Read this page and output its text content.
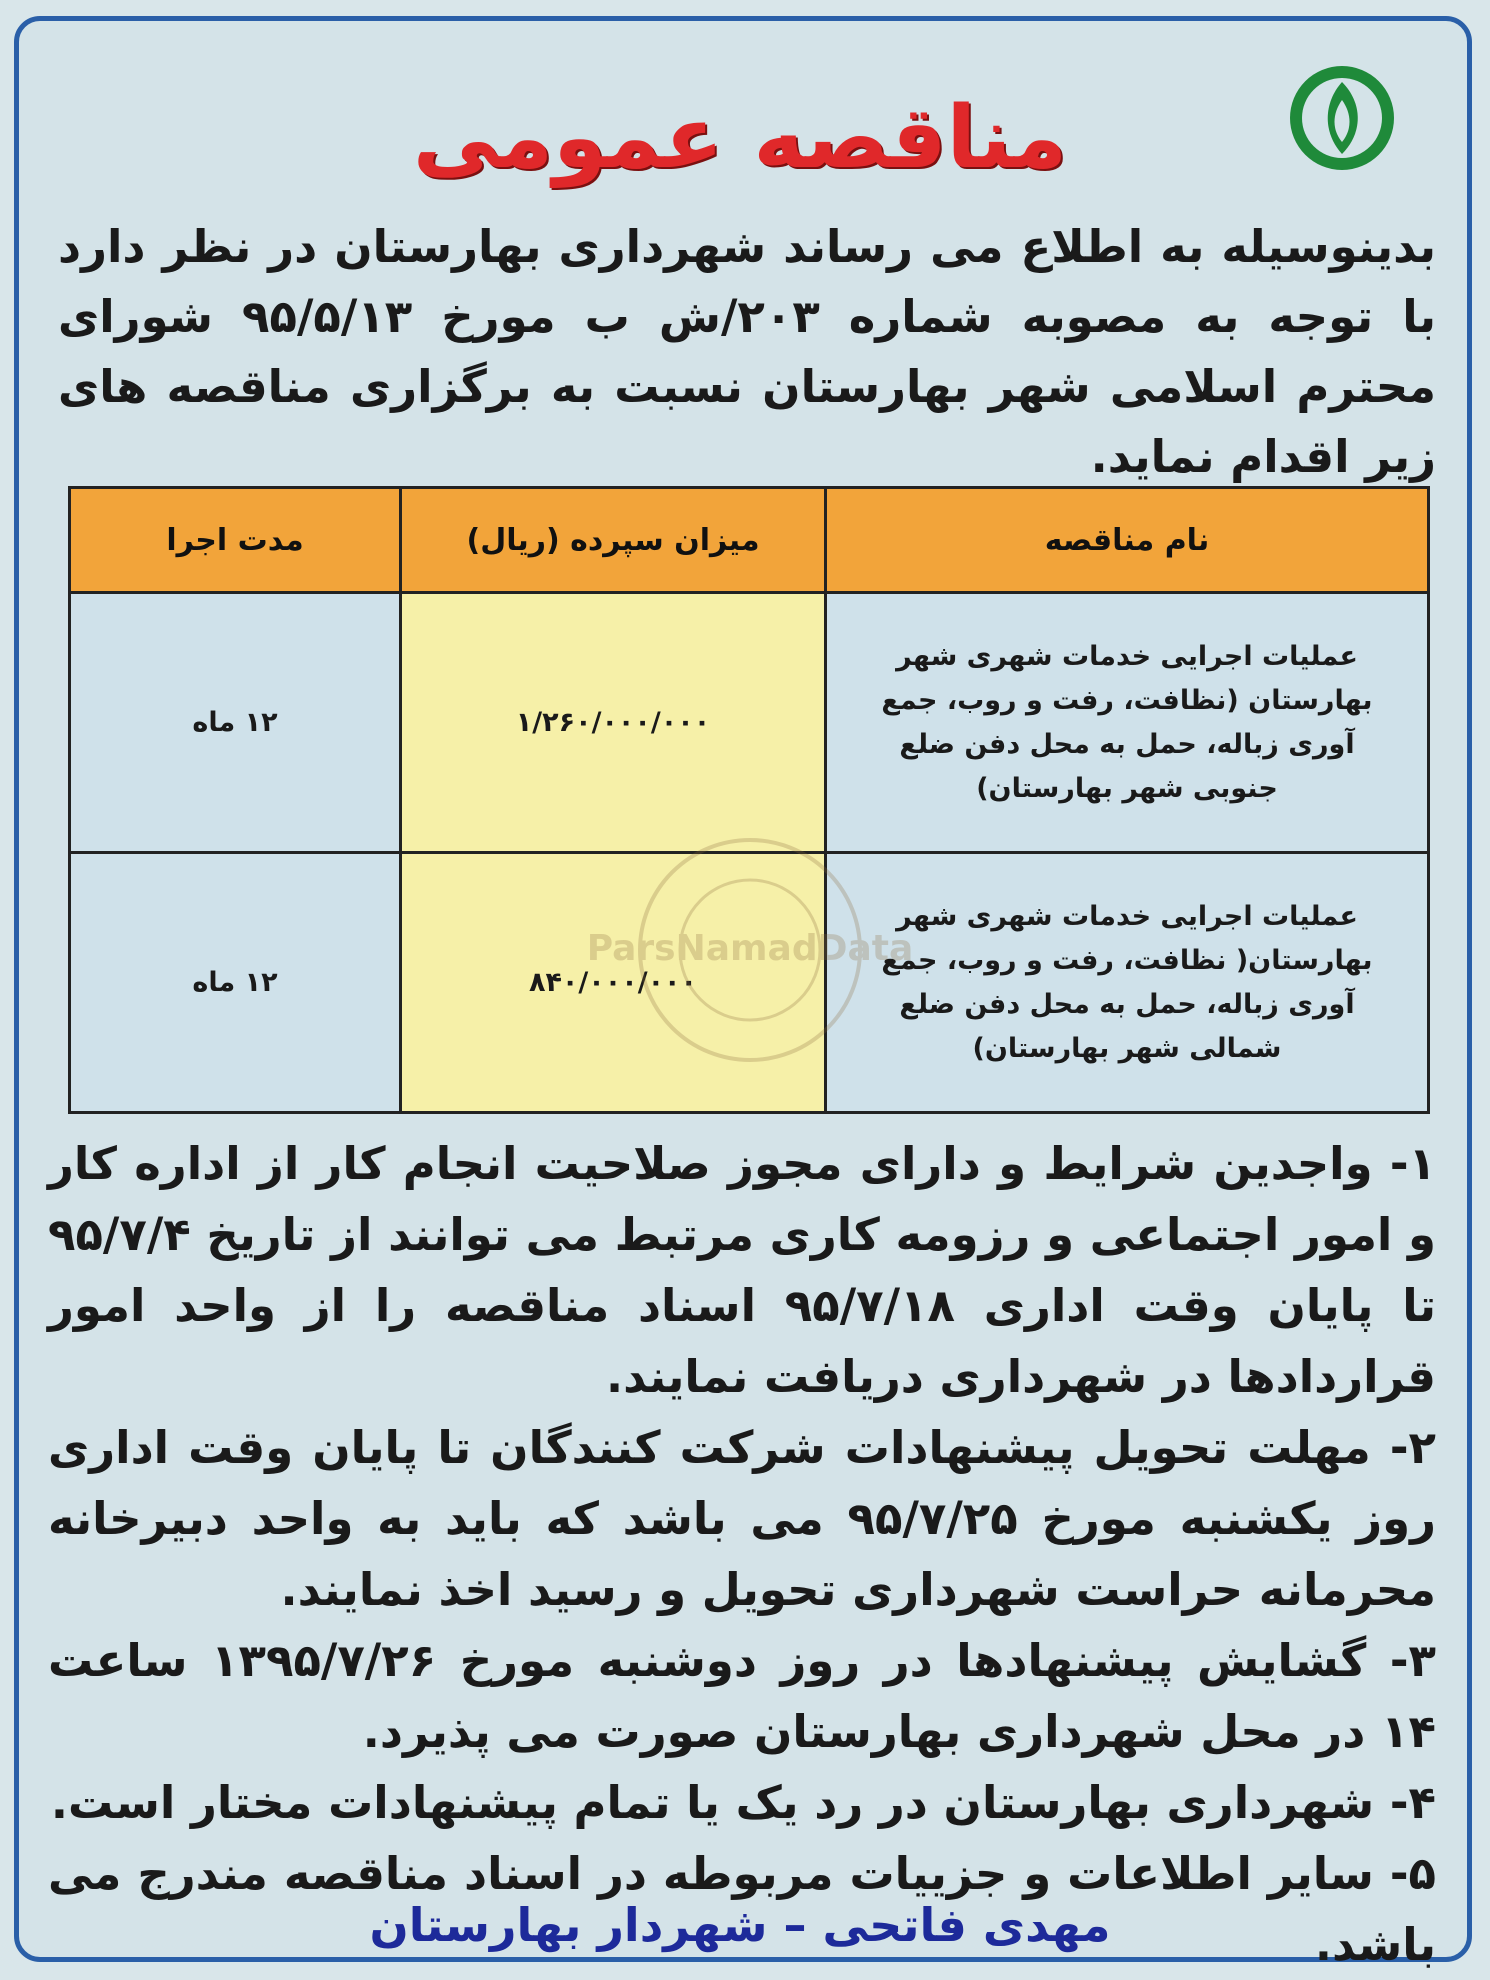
مناقصه عمومی
بدینوسیله به اطلاع می رساند شهرداری بهارستان در نظر دارد با توجه به مصوبه شماره ۲۰۳/ش ب مورخ ۹۵/۵/۱۳ شورای محترم اسلامی شهر بهارستان نسبت به برگزاری مناقصه های زیر اقدام نماید.
نام مناقصه	میزان سپرده (ریال)	مدت اجرا
عملیات اجرایی خدمات شهری شهر بهارستان (نظافت، رفت و روب، جمع آوری زباله، حمل به محل دفن ضلع جنوبی شهر بهارستان)	۱/۲۶۰/۰۰۰/۰۰۰	۱۲ ماه
عملیات اجرایی خدمات شهری شهر بهارستان( نظافت، رفت و روب، جمع آوری زباله، حمل به محل دفن ضلع شمالی شهر بهارستان)	۸۴۰/۰۰۰/۰۰۰	۱۲ ماه
ParsNamadData

۱- واجدین شرایط و دارای مجوز صلاحیت انجام کار از اداره کار و امور اجتماعی و رزومه کاری مرتبط می توانند از تاریخ ۹۵/۷/۴ تا پایان وقت اداری ۹۵/۷/۱۸ اسناد مناقصه را از واحد امور قراردادها در شهرداری دریافت نمایند.

۲- مهلت تحویل پیشنهادات شرکت کنندگان تا پایان وقت اداری روز یکشنبه مورخ ۹۵/۷/۲۵ می باشد که باید به واحد دبیرخانه محرمانه حراست شهرداری تحویل و رسید اخذ نمایند.

۳- گشایش پیشنهادها در روز دوشنبه مورخ ۱۳۹۵/۷/۲۶ ساعت ۱۴ در محل شهرداری بهارستان صورت می پذیرد.

۴- شهرداری بهارستان در رد یک یا تمام پیشنهادات مختار است.

۵- سایر اطلاعات و جزییات مربوطه در اسناد مناقصه مندرج می باشد.

مهدی فاتحی – شهردار بهارستان
